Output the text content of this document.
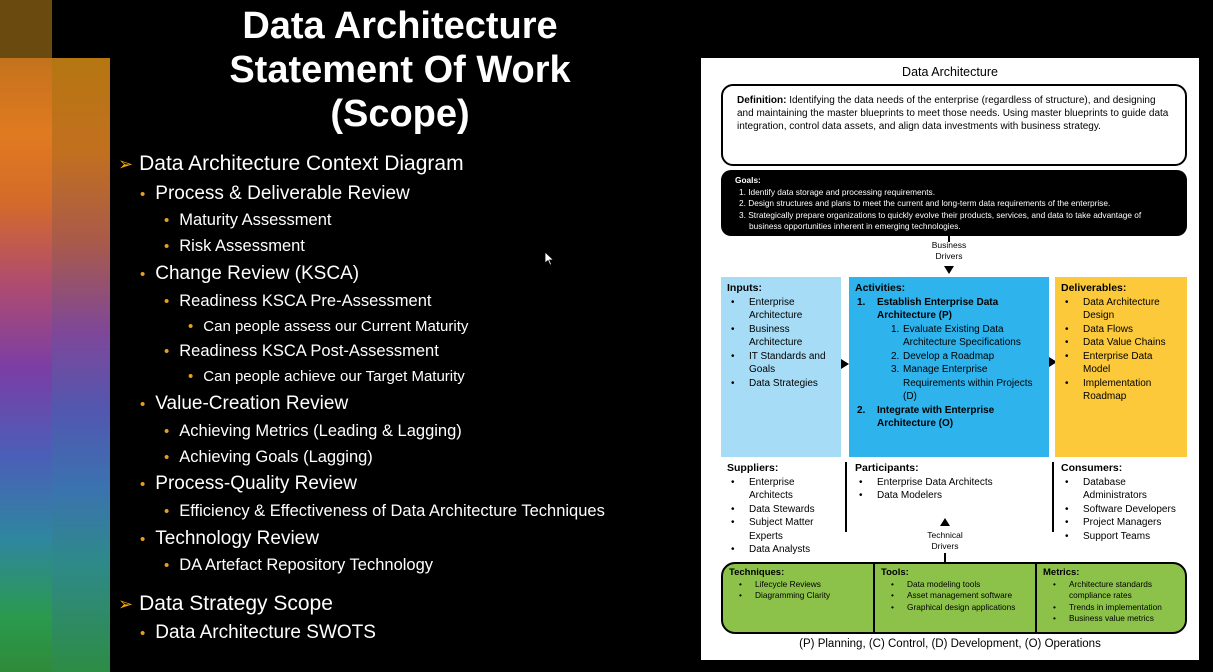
Data Architecture
Statement Of Work
(Scope)
➢ Data Architecture Context Diagram
• Process & Deliverable Review
• Maturity Assessment
• Risk Assessment
• Change Review (KSCA)
• Readiness KSCA Pre-Assessment
• Can people assess our Current Maturity
• Readiness KSCA Post-Assessment
• Can people achieve our Target Maturity
• Value-Creation Review
• Achieving Metrics (Leading & Lagging)
• Achieving Goals (Lagging)
• Process-Quality Review
• Efficiency & Effectiveness of Data Architecture Techniques
• Technology Review
• DA Artefact Repository Technology
➢ Data Strategy Scope
• Data Architecture SWOTS
Data Architecture
Definition: Identifying the data needs of the enterprise (regardless of structure), and designing and maintaining the master blueprints to meet those needs. Using master blueprints to guide data integration, control data assets, and align data investments with business strategy.
Goals:
1. Identify data storage and processing requirements.
2. Design structures and plans to meet the current and long-term data requirements of the enterprise.
3. Strategically prepare organizations to quickly evolve their products, services, and data to take advantage of business opportunities inherent in emerging technologies.
Business
Drivers
Inputs:
• Enterprise Architecture
• Business Architecture
• IT Standards and Goals
• Data Strategies
Activities:
1. Establish Enterprise Data Architecture (P)
1. Evaluate Existing Data Architecture Specifications
2. Develop a Roadmap
3. Manage Enterprise Requirements within Projects (D)
2. Integrate with Enterprise Architecture (O)
Deliverables:
• Data Architecture Design
• Data Flows
• Data Value Chains
• Enterprise Data Model
• Implementation Roadmap
Suppliers:
• Enterprise Architects
• Data Stewards
• Subject Matter Experts
• Data Analysts
Participants:
• Enterprise Data Architects
• Data Modelers
Consumers:
• Database Administrators
• Software Developers
• Project Managers
• Support Teams
Technical
Drivers
Techniques:
• Lifecycle Reviews
• Diagramming Clarity
Tools:
• Data modeling tools
• Asset management software
• Graphical design applications
Metrics:
• Architecture standards compliance rates
• Trends in implementation
• Business value metrics
(P) Planning, (C) Control, (D) Development, (O) Operations
